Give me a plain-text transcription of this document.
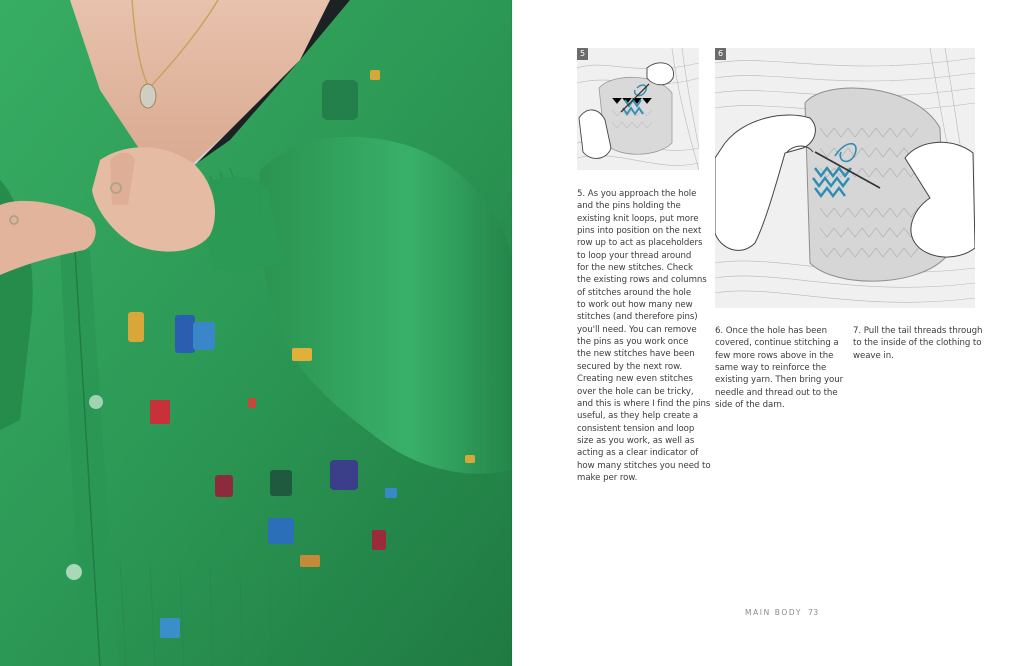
5	6
5. As you approach the hole
and the pins holding the
existing knit loops, put more
pins into position on the next
row up to act as placeholders
to loop your thread around
for the new stitches. Check
the existing rows and columns
of stitches around the hole
to work out how many new
stitches (and therefore pins)
you'll need. You can remove
the pins as you work once
the new stitches have been
secured by the next row.
Creating new even stitches
over the hole can be tricky,
and this is where I find the pins
useful, as they help create a
consistent tension and loop
size as you work, as well as
acting as a clear indicator of
how many stitches you need to
make per row.
6. Once the hole has been
covered, continue stitching a
few more rows above in the
same way to reinforce the
existing yarn. Then bring your
needle and thread out to the
side of the darn.
7. Pull the tail threads through
to the inside of the clothing to
weave in.
MAIN BODY 73
